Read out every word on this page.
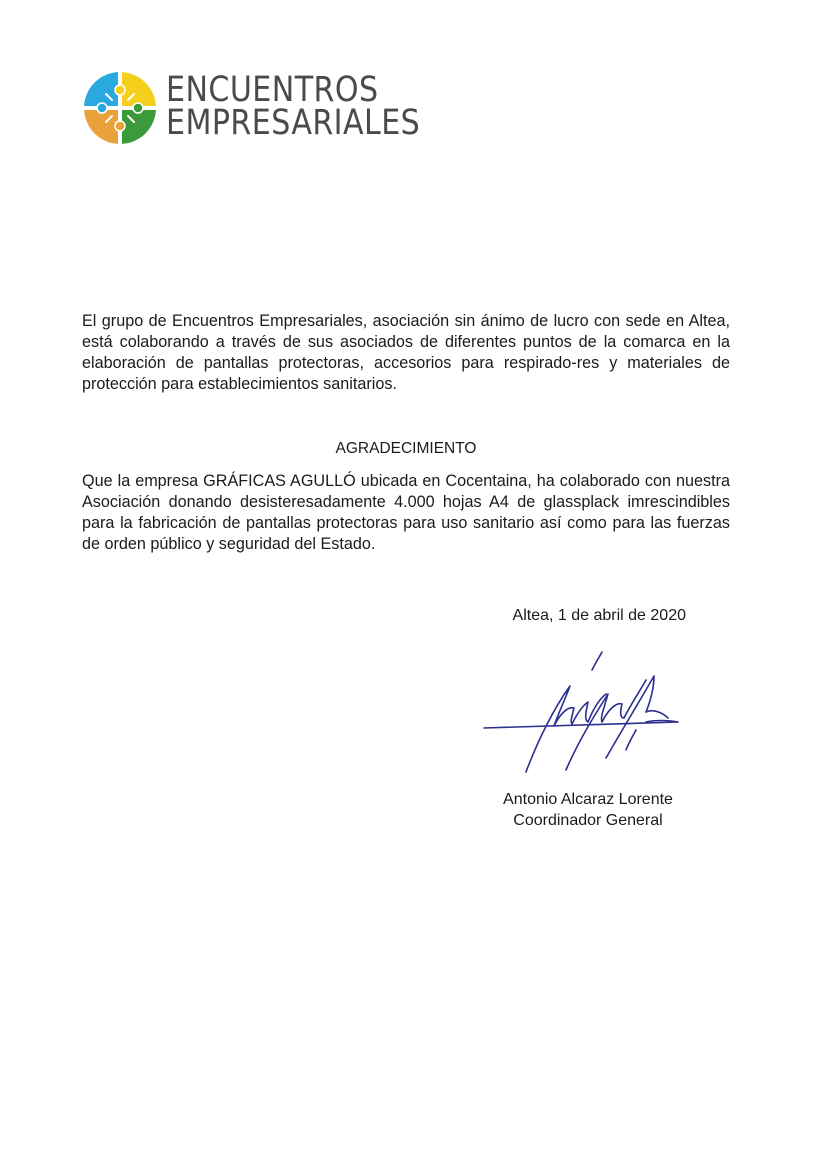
ENCUENTROS
EMPRESARIALES

El grupo de Encuentros Empresariales, asociación sin ánimo de lucro con sede en Altea, está colaborando a través de sus asociados de diferentes puntos de la comarca en la elaboración de pantallas protectoras, accesorios para respirado-res y materiales de protección para establecimientos sanitarios.

AGRADECIMIENTO

Que la empresa GRÁFICAS AGULLÓ ubicada en Cocentaina, ha colaborado con nuestra Asociación donando desisteresadamente 4.000 hojas A4 de glassplack imrescindibles para la fabricación de pantallas protectoras para uso sanitario así como para las fuerzas de orden público y seguridad del Estado.

Altea, 1 de abril de 2020
Antonio Alcaraz Lorente
Coordinador General
